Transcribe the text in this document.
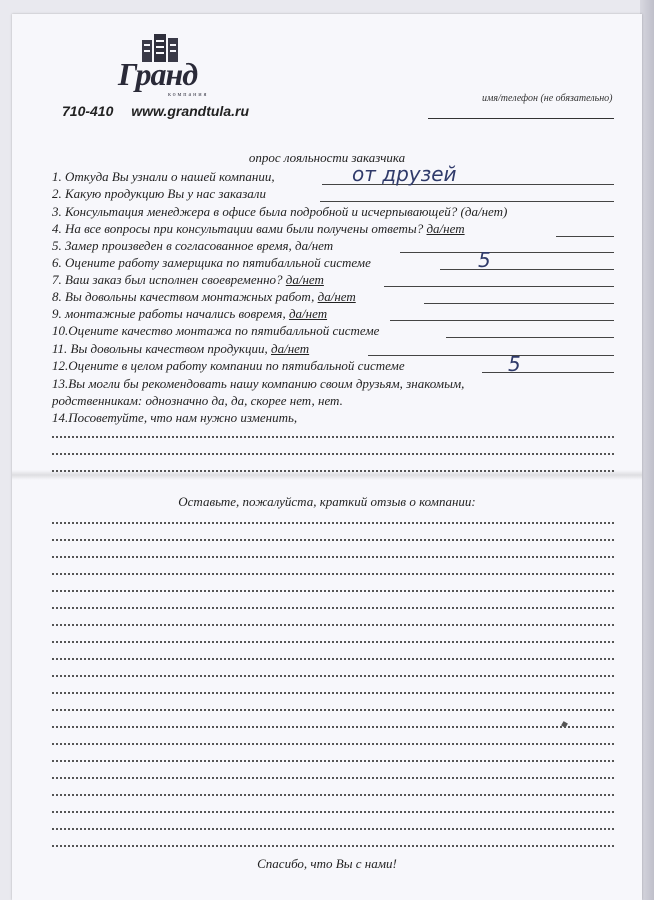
Гранд
компания
710-410 www.grandtula.ru
имя/телефон (не обязательно)
опрос лояльности заказчика
1. Откуда Вы узнали о нашей компании,	от друзей
2. Какую продукцию Вы у нас заказали
3. Консультация менеджера в офисе была подробной и исчерпывающей? (да/нет)
4. На все вопросы при консультации вами были получены ответы? да/нет
5. Замер произведен в согласованное время, да/нет
6. Оцените работу замерщика по пятибалльной системе	5
7. Ваш заказ был исполнен своевременно? да/нет
8. Вы довольны качеством монтажных работ, да/нет
9. монтажные работы начались вовремя, да/нет
10.Оцените качество монтажа по пятибалльной системе
11. Вы довольны качеством продукции, да/нет
12.Оцените в целом работу компании по пятибальной системе	5
13.Вы могли бы рекомендовать нашу компанию своим друзьям, знакомым,
родственникам: однозначно да, да, скорее нет, нет.
14.Посоветуйте, что нам нужно изменить,
Оставьте, пожалуйста, краткий отзыв о компании:
Спасибо, что Вы с нами!
